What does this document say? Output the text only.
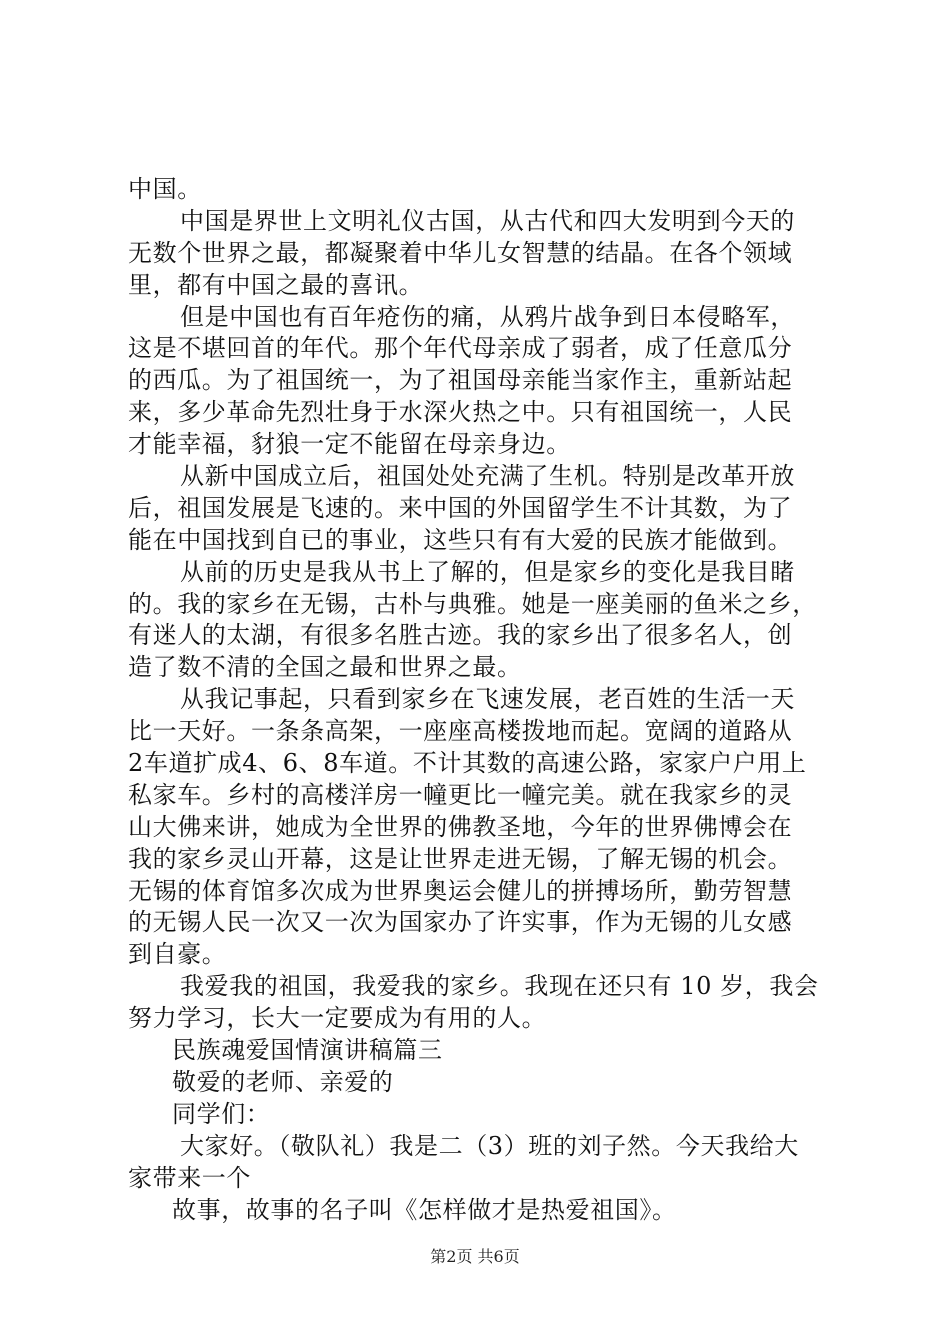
中国。
中国是界世上文明礼仪古国，从古代和四大发明到今天的
无数个世界之最，都凝聚着中华儿女智慧的结晶。在各个领域
里，都有中国之最的喜讯。
但是中国也有百年疮伤的痛，从鸦片战争到日本侵略军，
这是不堪回首的年代。那个年代母亲成了弱者，成了任意瓜分
的西瓜。为了祖国统一，为了祖国母亲能当家作主，重新站起
来，多少革命先烈壮身于水深火热之中。只有祖国统一，人民
才能幸福，豺狼一定不能留在母亲身边。
从新中国成立后，祖国处处充满了生机。特别是改革开放
后，祖国发展是飞速的。来中国的外国留学生不计其数，为了
能在中国找到自已的事业，这些只有有大爱的民族才能做到。
从前的历史是我从书上了解的，但是家乡的变化是我目睹
的。我的家乡在无锡，古朴与典雅。她是一座美丽的鱼米之乡，
有迷人的太湖，有很多名胜古迹。我的家乡出了很多名人，创
造了数不清的全国之最和世界之最。
从我记事起，只看到家乡在飞速发展，老百姓的生活一天
比一天好。一条条高架，一座座高楼拨地而起。宽阔的道路从
2车道扩成4、6、8车道。不计其数的高速公路，家家户户用上
私家车。乡村的高楼洋房一幢更比一幢完美。就在我家乡的灵
山大佛来讲，她成为全世界的佛教圣地，今年的世界佛博会在
我的家乡灵山开幕，这是让世界走进无锡，了解无锡的机会。
无锡的体育馆多次成为世界奥运会健儿的拼搏场所，勤劳智慧
的无锡人民一次又一次为国家办了许实事，作为无锡的儿女感
到自豪。
我爱我的祖国，我爱我的家乡。我现在还只有 10 岁，我会
努力学习，长大一定要成为有用的人。
民族魂爱国情演讲稿篇三
敬爱的老师、亲爱的
同学们：
大家好。（敬队礼）我是二（3）班的刘子然。今天我给大
家带来一个
故事，故事的名子叫《怎样做才是热爱祖国》。
第2页 共6页
